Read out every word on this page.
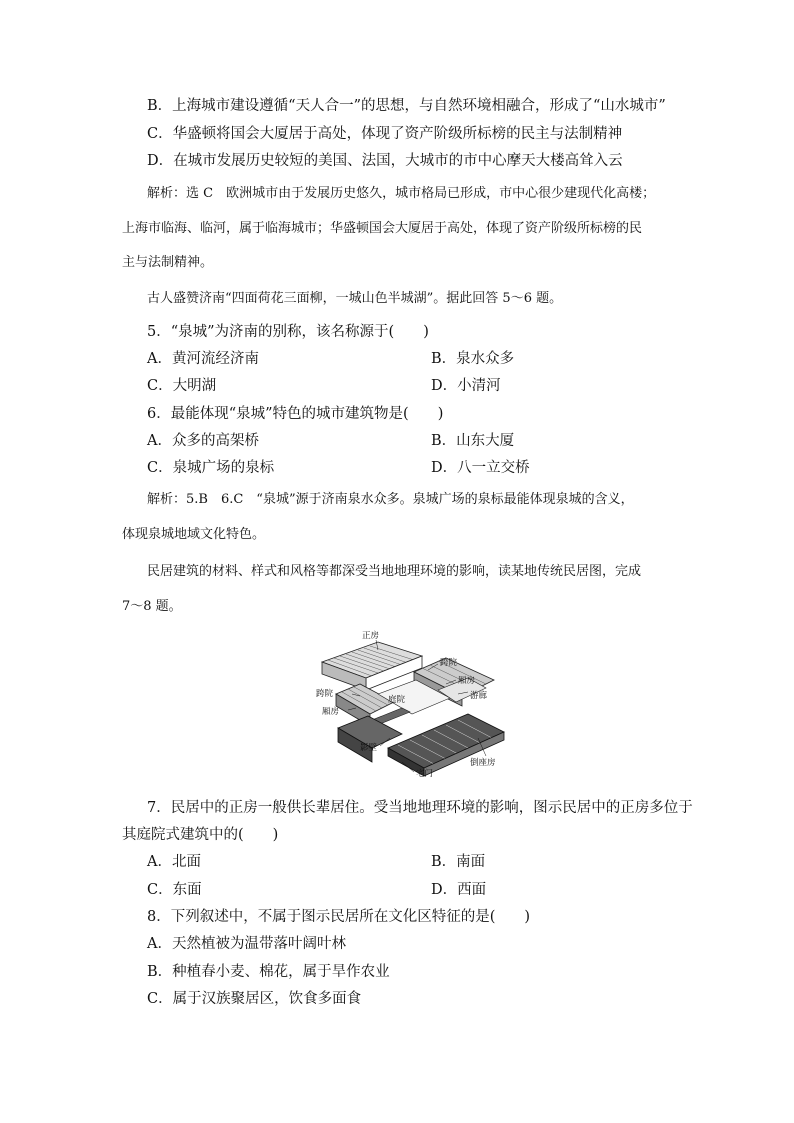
B．上海城市建设遵循“天人合一”的思想，与自然环境相融合，形成了“山水城市”
C．华盛顿将国会大厦居于高处，体现了资产阶级所标榜的民主与法制精神
D．在城市发展历史较短的美国、法国，大城市的市中心摩天大楼高耸入云
解析：选 C　欧洲城市由于发展历史悠久，城市格局已形成，市中心很少建现代化高楼；
上海市临海、临河，属于临海城市；华盛顿国会大厦居于高处，体现了资产阶级所标榜的民
主与法制精神。
古人盛赞济南“四面荷花三面柳，一城山色半城湖”。据此回答 5～6 题。
5．“泉城”为济南的别称，该名称源于(　　)
A．黄河流经济南	B．泉水众多
C．大明湖	D．小清河
6．最能体现“泉城”特色的城市建筑物是(　　)
A．众多的高架桥	B．山东大厦
C．泉城广场的泉标	D．八一立交桥
解析：5.B　6.C　“泉城”源于济南泉水众多。泉城广场的泉标最能体现泉城的含义，
体现泉城地域文化特色。
民居建筑的材料、样式和风格等都深受当地地理环境的影响，读某地传统民居图，完成
7～8 题。
正房
跨院
厢房
跨院
庭院	游廊
厢房
影壁
倒座房
宅门
7．民居中的正房一般供长辈居住。受当地地理环境的影响，图示民居中的正房多位于
其庭院式建筑中的(　　)
A．北面	B．南面
C．东面	D．西面
8．下列叙述中，不属于图示民居所在文化区特征的是(　　)
A．天然植被为温带落叶阔叶林
B．种植春小麦、棉花，属于旱作农业
C．属于汉族聚居区，饮食多面食
